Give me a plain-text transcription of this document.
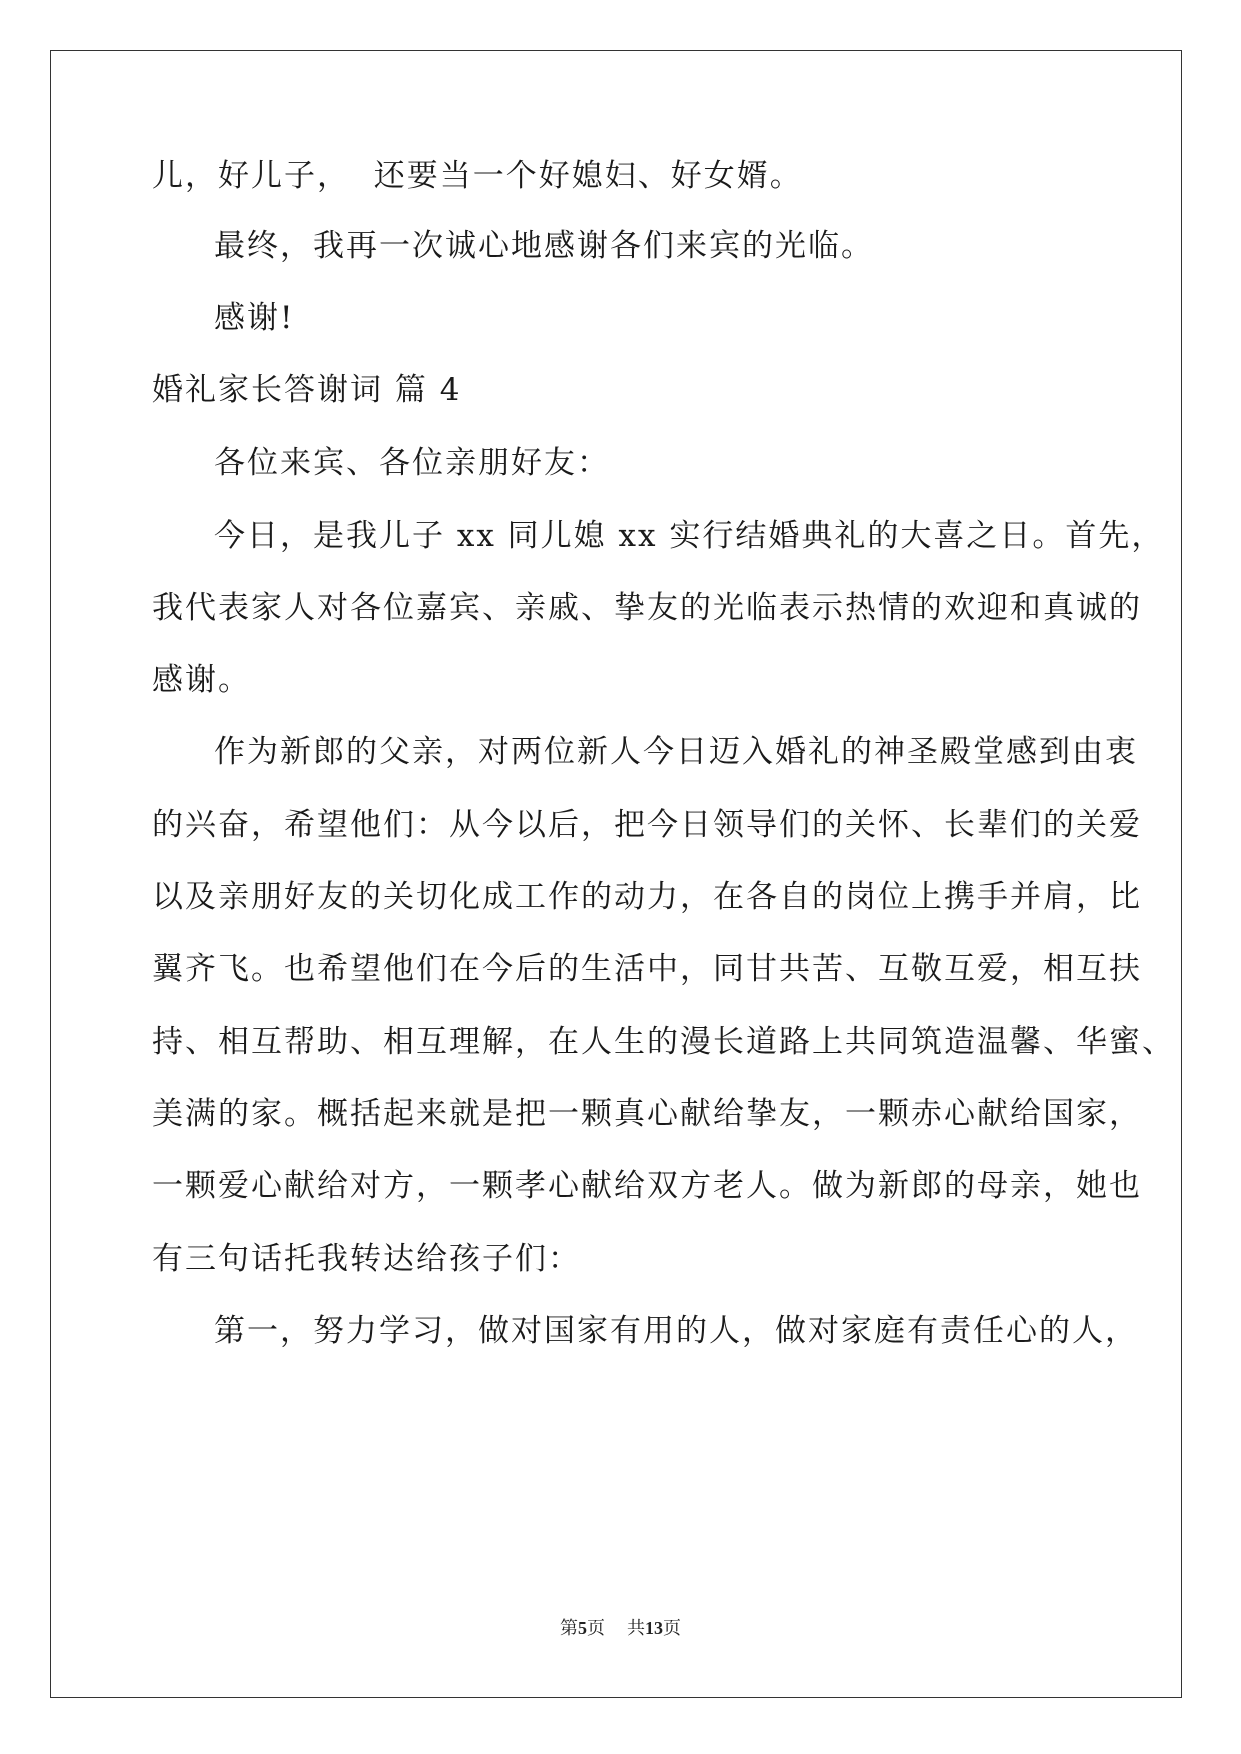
儿，好儿子，  还要当一个好媳妇、好女婿。
最终，我再一次诚心地感谢各们来宾的光临。
感谢!
婚礼家长答谢词 篇 4
各位来宾、各位亲朋好友：
今日，是我儿子 xx 同儿媳 xx 实行结婚典礼的大喜之日。首先，
我代表家人对各位嘉宾、亲戚、挚友的光临表示热情的欢迎和真诚的
感谢。
作为新郎的父亲，对两位新人今日迈入婚礼的神圣殿堂感到由衷
的兴奋，希望他们：从今以后，把今日领导们的关怀、长辈们的关爱
以及亲朋好友的关切化成工作的动力，在各自的岗位上携手并肩，比
翼齐飞。也希望他们在今后的生活中，同甘共苦、互敬互爱，相互扶
持、相互帮助、相互理解，在人生的漫长道路上共同筑造温馨、华蜜、
美满的家。概括起来就是把一颗真心献给挚友，一颗赤心献给国家，
一颗爱心献给对方，一颗孝心献给双方老人。做为新郎的母亲，她也
有三句话托我转达给孩子们：
第一，努力学习，做对国家有用的人，做对家庭有责任心的人，
第5页 共13页
